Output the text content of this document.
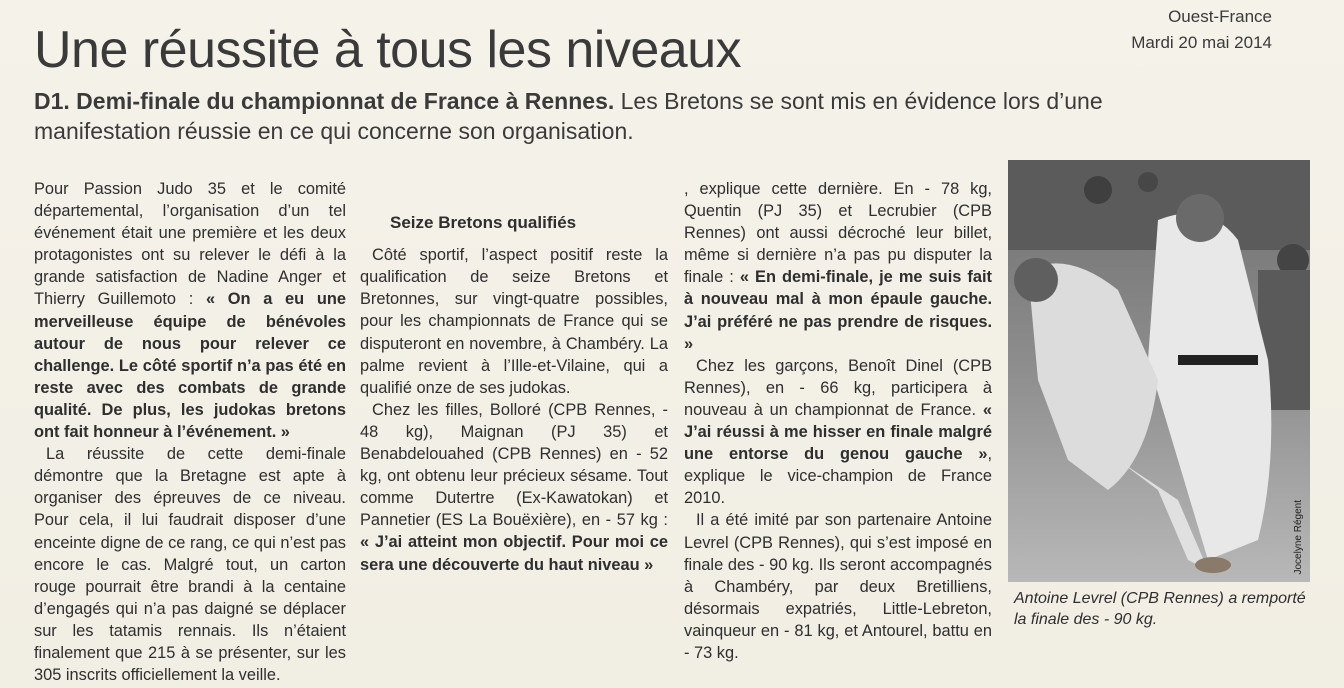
Ouest-France
Mardi 20 mai 2014
Une réussite à tous les niveaux
D1. Demi-finale du championnat de France à Rennes. Les Bretons se sont mis en évidence lors d’une manifestation réussie en ce qui concerne son organisation.

Pour Passion Judo 35 et le comité départemental, l’organisation d’un tel événement était une première et les deux protagonistes ont su relever le défi à la grande satisfaction de Nadine Anger et Thierry Guillemoto : « On a eu une merveilleuse équipe de bénévoles autour de nous pour relever ce challenge. Le côté sportif n’a pas été en reste avec des combats de grande qualité. De plus, les judokas bretons ont fait honneur à l’événement. »

La réussite de cette demi-finale démontre que la Bretagne est apte à organiser des épreuves de ce niveau. Pour cela, il lui faudrait disposer d’une enceinte digne de ce rang, ce qui n’est pas encore le cas. Malgré tout, un carton rouge pourrait être brandi à la centaine d’engagés qui n’a pas daigné se déplacer sur les tatamis rennais. Ils n’étaient finalement que 215 à se présenter, sur les 305 inscrits officiellement la veille.

Seize Bretons qualifiés

Côté sportif, l’aspect positif reste la qualification de seize Bretons et Bretonnes, sur vingt-quatre possibles, pour les championnats de France qui se disputeront en novembre, à Chambéry. La palme revient à l’Ille-et-Vilaine, qui a qualifié onze de ses judokas.

Chez les filles, Bolloré (CPB Rennes, - 48 kg), Maignan (PJ 35) et Benabdelouahed (CPB Rennes) en - 52 kg, ont obtenu leur précieux sésame. Tout comme Dutertre (Ex-Kawatokan) et Pannetier (ES La Bouëxière), en - 57 kg : « J’ai atteint mon objectif. Pour moi ce sera une découverte du haut niveau »

, explique cette dernière. En - 78 kg, Quentin (PJ 35) et Lecrubier (CPB Rennes) ont aussi décroché leur billet, même si dernière n’a pas pu disputer la finale : « En demi-finale, je me suis fait à nouveau mal à mon épaule gauche. J’ai préféré ne pas prendre de risques. »

Chez les garçons, Benoît Dinel (CPB Rennes), en - 66 kg, participera à nouveau à un championnat de France. « J’ai réussi à me hisser en finale malgré une entorse du genou gauche », explique le vice-champion de France 2010.

Il a été imité par son partenaire Antoine Levrel (CPB Rennes), qui s’est imposé en finale des - 90 kg. Ils seront accompagnés à Chambéry, par deux Bretilliens, désormais expatriés, Little-Lebreton, vainqueur en - 81 kg, et Antourel, battu en - 73 kg.

Jocelyne Régent
Antoine Levrel (CPB Rennes) a remporté la finale des - 90 kg.
